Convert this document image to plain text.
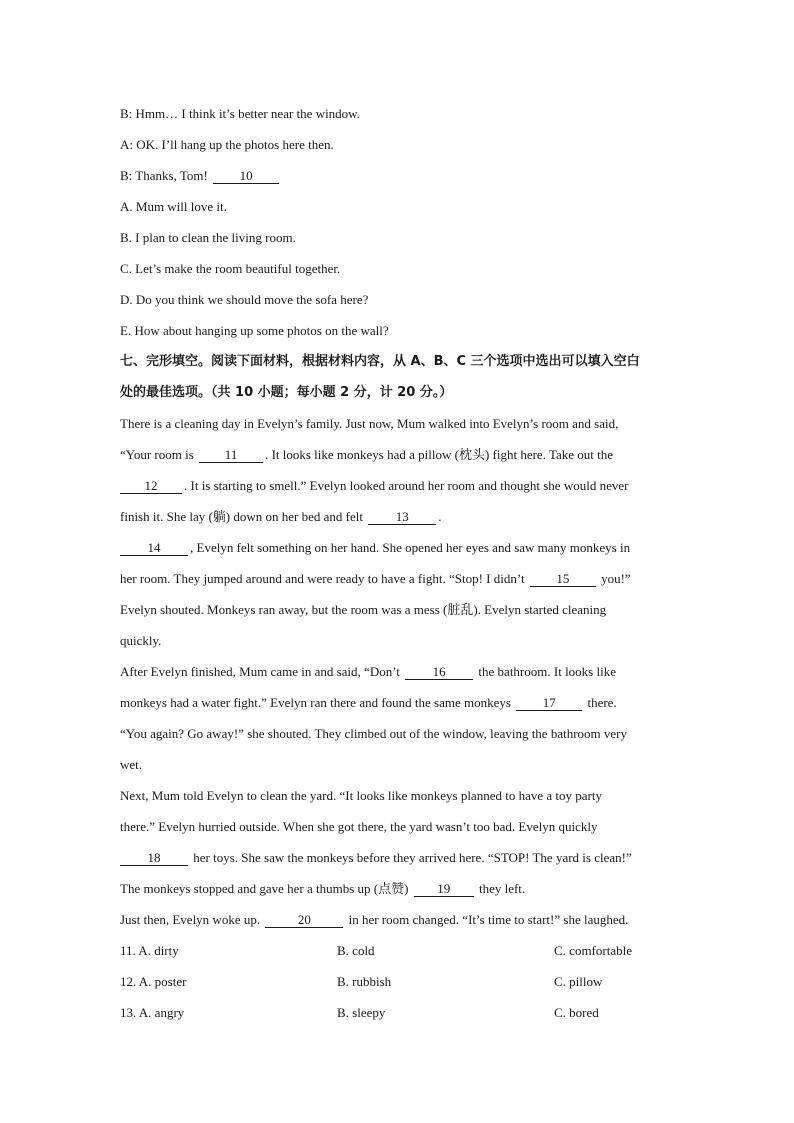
B: Hmm… I think it’s better near the window.
A: OK. I’ll hang up the photos here then.
B: Thanks, Tom! 10
A. Mum will love it.
B. I plan to clean the living room.
C. Let’s make the room beautiful together.
D. Do you think we should move the sofa here?
E. How about hanging up some photos on the wall?
七、完形填空。阅读下面材料，根据材料内容，从 A、B、C 三个选项中选出可以填入空白
处的最佳选项。（共 10 小题；每小题 2 分，计 20 分。）
There is a cleaning day in Evelyn’s family. Just now, Mum walked into Evelyn’s room and said,
“Your room is 11 . It looks like monkeys had a pillow (枕头) fight here. Take out the
12 . It is starting to smell.” Evelyn looked around her room and thought she would never
finish it. She lay (躺) down on her bed and felt	13 .
14 , Evelyn felt something on her hand. She opened her eyes and saw many monkeys in
her room. They jumped around and were ready to have a fight. “Stop! I didn’t 15 you!”
Evelyn shouted. Monkeys ran away, but the room was a mess (脏乱). Evelyn started cleaning
quickly.
After Evelyn finished, Mum came in and said, “Don’t	16	the bathroom. It looks like
monkeys had a water fight.” Evelyn ran there and found the same monkeys 17 there.
“You again? Go away!” she shouted. They climbed out of the window, leaving the bathroom very
wet.
Next, Mum told Evelyn to clean the yard. “It looks like monkeys planned to have a toy party
there.” Evelyn hurried outside. When she got there, the yard wasn’t too bad. Evelyn quickly
18	her toys. She saw the monkeys before they arrived here. “STOP! The yard is clean!”
The monkeys stopped and gave her a thumbs up (点赞) 19 they left.
Just then, Evelyn woke up.	20	in her room changed. “It’s time to start!” she laughed.
11. A. dirty	B. cold	C. comfortable
12. A. poster	B. rubbish	C. pillow
13. A. angry	B. sleepy	C. bored
